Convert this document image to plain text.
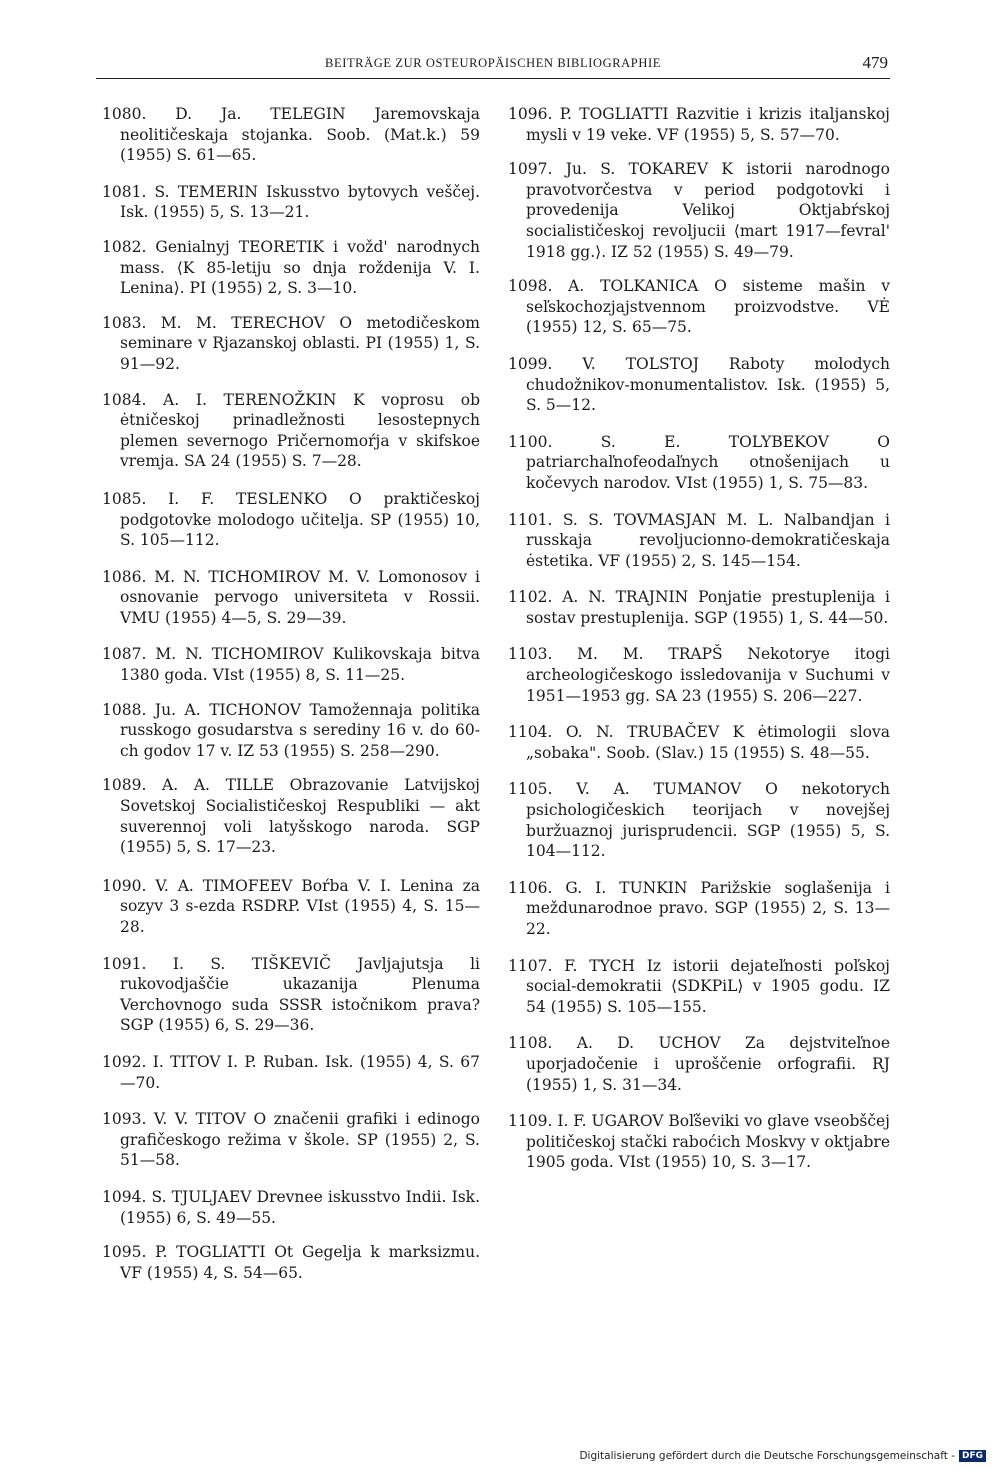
BEITRÄGE ZUR OSTEUROPÄISCHEN BIBLIOGRAPHIE	479

1080. D. Ja. TELEGIN Jaremovskaja neolitičeskaja stojanka. Soob. (Mat.k.) 59 (1955) S. 61—65.

1081. S. TEMERIN Iskusstvo bytovych veščej. Isk. (1955) 5, S. 13—21.

1082. Genialnyj TEORETIK i vožd' narodnych mass. ⟨K 85-letiju so dnja roždenija V. I. Lenina⟩. PI (1955) 2, S. 3—10.

1083. M. M. TERECHOV O metodičeskom seminare v Rjazanskoj oblasti. PI (1955) 1, S. 91—92.

1084. A. I. TERENOŽKIN K voprosu ob ėtničeskoj prinadležnosti lesostepnych plemen severnogo Pričernomoŕja v skifskoe vremja. SA 24 (1955) S. 7—28.

1085. I. F. TESLENKO O praktičeskoj podgotovke molodogo učitelja. SP (1955) 10, S. 105—112.

1086. M. N. TICHOMIROV M. V. Lomonosov i osnovanie pervogo universiteta v Rossii. VMU (1955) 4—5, S. 29—39.

1087. M. N. TICHOMIROV Kulikovskaja bitva 1380 goda. VIst (1955) 8, S. 11—25.

1088. Ju. A. TICHONOV Tamožennaja politika russkogo gosudarstva s serediny 16 v. do 60-ch godov 17 v. IZ 53 (1955) S. 258—290.

1089. A. A. TILLE Obrazovanie Latvijskoj Sovetskoj Socialističeskoj Respubliki — akt suverennoj voli latyšskogo naroda. SGP (1955) 5, S. 17—23.

1090. V. A. TIMOFEEV Boŕba V. I. Lenina za sozyv 3 s-ezda RSDRP. VIst (1955) 4, S. 15—28.

1091. I. S. TIŠKEVIČ Javljajutsja li rukovodjaščie ukazanija Plenuma Verchovnogo suda SSSR istočnikom prava? SGP (1955) 6, S. 29—36.

1092. I. TITOV I. P. Ruban. Isk. (1955) 4, S. 67—70.

1093. V. V. TITOV O značenii grafiki i edinogo grafičeskogo režima v škole. SP (1955) 2, S. 51—58.

1094. S. TJULJAEV Drevnee iskusstvo Indii. Isk. (1955) 6, S. 49—55.

1095. P. TOGLIATTI Ot Gegelja k marksizmu. VF (1955) 4, S. 54—65.

1096. P. TOGLIATTI Razvitie i krizis italjanskoj mysli v 19 veke. VF (1955) 5, S. 57—70.

1097. Ju. S. TOKAREV K istorii narodnogo pravotvorčestva v period podgotovki i provedenija Velikoj Oktjabŕskoj socialističeskoj revoljucii ⟨mart 1917—fevral' 1918 gg.⟩. IZ 52 (1955) S. 49—79.

1098. A. TOLKANICA O sisteme mašin v seľskochozjajstvennom proizvodstve. VĖ (1955) 12, S. 65—75.

1099. V. TOLSTOJ Raboty molodych chudožnikov-monumentalistov. Isk. (1955) 5, S. 5—12.

1100. S. E. TOLYBEKOV O patriarchaľnofeodaľnych otnošenijach u kočevych narodov. VIst (1955) 1, S. 75—83.

1101. S. S. TOVMASJAN M. L. Nalbandjan i russkaja revoljucionno-demokratičeskaja ėstetika. VF (1955) 2, S. 145—154.

1102. A. N. TRAJNIN Ponjatie prestuplenija i sostav prestuplenija. SGP (1955) 1, S. 44—50.

1103. M. M. TRAPŠ Nekotorye itogi archeologičeskogo issledovanija v Suchumi v 1951—1953 gg. SA 23 (1955) S. 206—227.

1104. O. N. TRUBAČEV K ėtimologii slova „sobaka". Soob. (Slav.) 15 (1955) S. 48—55.

1105. V. A. TUMANOV O nekotorych psichologičeskich teorijach v novejšej buržuaznoj jurisprudencii. SGP (1955) 5, S. 104—112.

1106. G. I. TUNKIN Parižskie soglašenija i meždunarodnoe pravo. SGP (1955) 2, S. 13—22.

1107. F. TYCH Iz istorii dejateľnosti poľskoj social-demokratii ⟨SDKPiL⟩ v 1905 godu. IZ 54 (1955) S. 105—155.

1108. A. D. UCHOV Za dejstviteľnoe uporjadočenie i uproščenie orfografii. RJ (1955) 1, S. 31—34.

1109. I. F. UGAROV Boľševiki vo glave vseobščej političeskoj stački raboćich Moskvy v oktjabre 1905 goda. VIst (1955) 10, S. 3—17.

Digitalisierung gefördert durch die Deutsche Forschungsgemeinschaft - DFG
